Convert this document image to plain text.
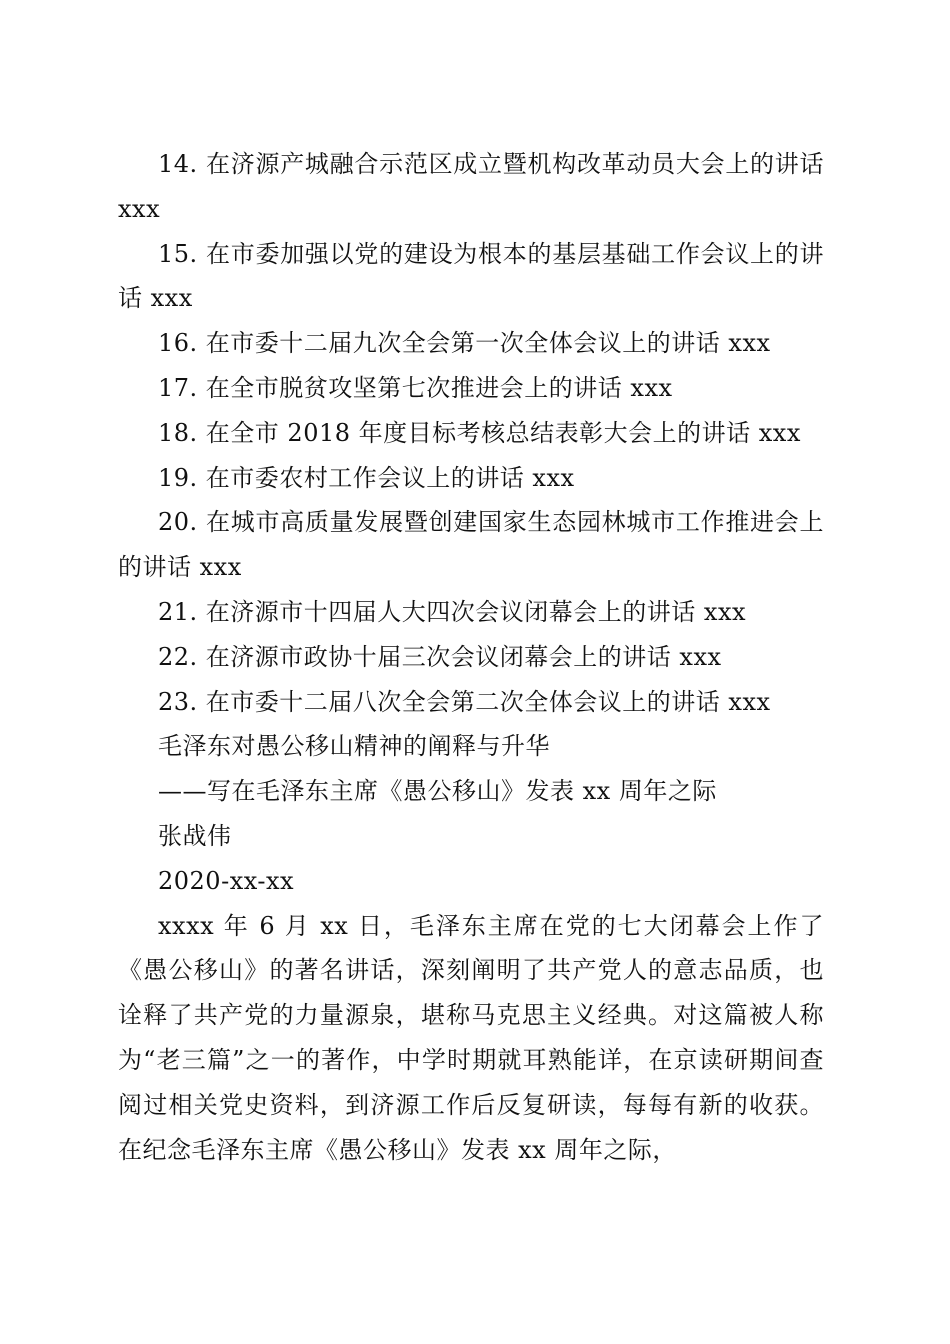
14. 在济源产城融合示范区成立暨机构改革动员大会上的讲话 xxx

15. 在市委加强以党的建设为根本的基层基础工作会议上的讲话 xxx

16. 在市委十二届九次全会第一次全体会议上的讲话 xxx

17. 在全市脱贫攻坚第七次推进会上的讲话 xxx

18. 在全市 2018 年度目标考核总结表彰大会上的讲话 xxx

19. 在市委农村工作会议上的讲话 xxx

20. 在城市高质量发展暨创建国家生态园林城市工作推进会上的讲话 xxx

21. 在济源市十四届人大四次会议闭幕会上的讲话 xxx

22. 在济源市政协十届三次会议闭幕会上的讲话 xxx

23. 在市委十二届八次全会第二次全体会议上的讲话 xxx

毛泽东对愚公移山精神的阐释与升华

——写在毛泽东主席《愚公移山》发表 xx 周年之际

张战伟

2020-xx-xx

xxxx 年 6 月 xx 日，毛泽东主席在党的七大闭幕会上作了《愚公移山》的著名讲话，深刻阐明了共产党人的意志品质，也诠释了共产党的力量源泉，堪称马克思主义经典。对这篇被人称为“老三篇”之一的著作，中学时期就耳熟能详，在京读研期间查阅过相关党史资料，到济源工作后反复研读，每每有新的收获。在纪念毛泽东主席《愚公移山》发表 xx 周年之际，
